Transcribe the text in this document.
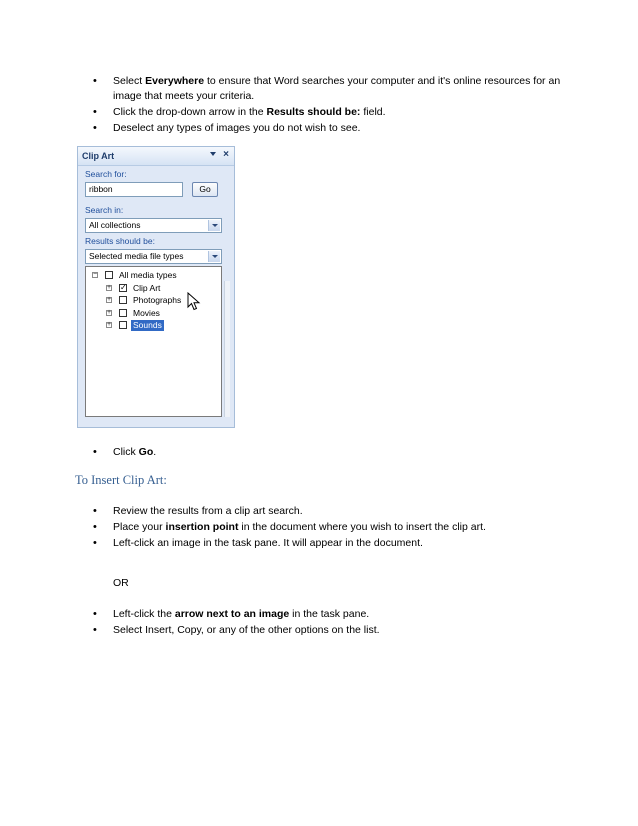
• Select Everywhere to ensure that Word searches your computer and it's online resources for an image that meets your criteria.
• Click the drop-down arrow in the Results should be: field.
• Deselect any types of images you do not wish to see.
Clip Art	×
Search for:
ribbon	Go
Search in:
All collections
Results should be:
Selected media file types
−	All media types
+ ✓ Clip Art
+	Photographs
+	Movies
+	Sounds
• Click Go.
To Insert Clip Art:
• Review the results from a clip art search.
• Place your insertion point in the document where you wish to insert the clip art.
• Left-click an image in the task pane. It will appear in the document.
OR
• Left-click the arrow next to an image in the task pane.
• Select Insert, Copy, or any of the other options on the list.
